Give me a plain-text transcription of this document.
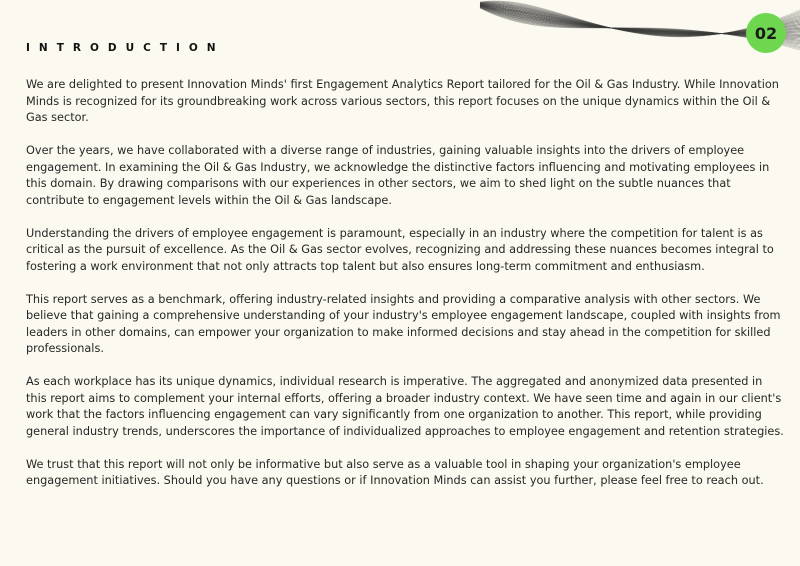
02
INTRODUCTION

We are delighted to present Innovation Minds' first Engagement Analytics Report tailored for the Oil & Gas Industry. While Innovation Minds is recognized for its groundbreaking work across various sectors, this report focuses on the unique dynamics within the Oil & Gas sector.

Over the years, we have collaborated with a diverse range of industries, gaining valuable insights into the drivers of employee engagement. In examining the Oil & Gas Industry, we acknowledge the distinctive factors influencing and motivating employees in this domain. By drawing comparisons with our experiences in other sectors, we aim to shed light on the subtle nuances that contribute to engagement levels within the Oil & Gas landscape.

Understanding the drivers of employee engagement is paramount, especially in an industry where the competition for talent is as critical as the pursuit of excellence. As the Oil & Gas sector evolves, recognizing and addressing these nuances becomes integral to fostering a work environment that not only attracts top talent but also ensures long-term commitment and enthusiasm.

This report serves as a benchmark, offering industry-related insights and providing a comparative analysis with other sectors. We believe that gaining a comprehensive understanding of your industry's employee engagement landscape, coupled with insights from leaders in other domains, can empower your organization to make informed decisions and stay ahead in the competition for skilled professionals.

As each workplace has its unique dynamics, individual research is imperative. The aggregated and anonymized data presented in this report aims to complement your internal efforts, offering a broader industry context. We have seen time and again in our client's work that the factors influencing engagement can vary significantly from one organization to another. This report, while providing general industry trends, underscores the importance of individualized approaches to employee engagement and retention strategies.

We trust that this report will not only be informative but also serve as a valuable tool in shaping your organization's employee engagement initiatives. Should you have any questions or if Innovation Minds can assist you further, please feel free to reach out.
